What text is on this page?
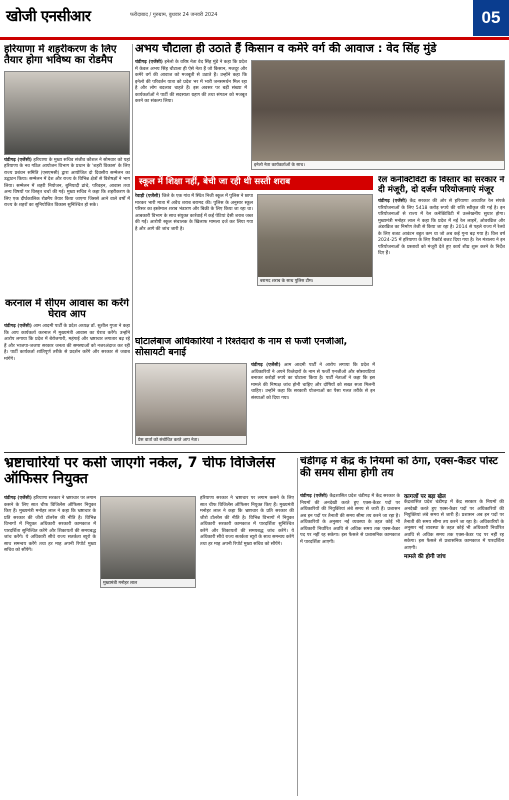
खोजी एनसीआर	फरीदाबाद / गुरुग्राम, बुधवार 24 जनवरी 2024	05
हरियाणा में शहरीकरण के लिए तैयार होगा भविष्य का रोडमैप
चंडीगढ़ (एजेंसी) हरियाणा के मुख्य सचिव संजीव कौशल ने सोमवार को यहां हरियाणा के नव गठित आयोजन विभाग के प्रधान के 'शहरी विकास' के लिए राज्य प्रबंधन समिति (एसएमसी) द्वारा आयोजित दो दिवसीय सम्मेलन का उद्घाटन किया। सम्मेलन में देश और राज्य के विभिन्न क्षेत्रों से विशेषज्ञों ने भाग लिया। सम्मेलन में शहरी नियोजन, बुनियादी ढांचे, परिवहन, आवास तथा अन्य विषयों पर विस्तृत चर्चा की गई। मुख्य सचिव ने कहा कि शहरीकरण के लिए एक दीर्घकालिक रोडमैप तैयार किया जाएगा जिससे आने वाले वर्षों में राज्य के शहरों का सुनियोजित विकास सुनिश्चित हो सके।
करनाल में सीएम आवास का करेंगे घेराव आप
चंडीगढ़ (एजेंसी) आम आदमी पार्टी के प्रदेश अध्यक्ष डॉ. सुशील गुप्ता ने कहा कि आप कार्यकर्ता करनाल में मुख्यमंत्री आवास का घेराव करेंगे। उन्होंने आरोप लगाया कि प्रदेश में बेरोजगारी, महंगाई और भ्रष्टाचार लगातार बढ़ रहे हैं और भाजपा-जजपा सरकार जनता की समस्याओं को नजरअंदाज कर रही है। पार्टी कार्यकर्ता शांतिपूर्ण तरीके से प्रदर्शन करेंगे और सरकार से जवाब मांगेंगे।
अभय चौटाला ही उठाते हैं किसान व कमेरे वर्ग की आवाज : वेद सिंह मुंडे
चंडीगढ़ (एजेंसी) इनेलो के वरिष्ठ नेता वेद सिंह मुंडे ने कहा कि प्रदेश में केवल अभय सिंह चौटाला ही ऐसे नेता हैं जो किसान, मजदूर और कमेरे वर्ग की आवाज को मजबूती से उठाते हैं। उन्होंने कहा कि इनेलो की परिवर्तन यात्रा को प्रदेश भर में भारी जनसमर्थन मिल रहा है और लोग बदलाव चाहते हैं। इस अवसर पर बड़ी संख्या में कार्यकर्ताओं ने पार्टी की सदस्यता ग्रहण की तथा संगठन को मजबूत करने का संकल्प लिया।
इनेलो नेता कार्यकर्ताओं के साथ।
स्कूल में शिक्षा नहीं, बेची जा रही थी सस्ती शराब
रेवाड़ी (एजेंसी) जिले के एक गांव में स्थित निजी स्कूल में पुलिस ने छापा मारकर भारी मात्रा में अवैध शराब बरामद की। पुलिस के अनुसार स्कूल परिसर का इस्तेमाल शराब भंडारण और बिक्री के लिए किया जा रहा था। आबकारी विभाग के साथ संयुक्त कार्रवाई में कई पेटियां देसी शराब जब्त की गईं। आरोपी स्कूल संचालक के खिलाफ मामला दर्ज कर लिया गया है और आगे की जांच जारी है।
बरामद शराब के साथ पुलिस टीम।
रेल कनेक्टिविटी के विस्तार को सरकार ने दी मंजूरी, दो दर्जन परियोजनाएं मंजूर
चंडीगढ़ (एजेंसी) केंद्र सरकार की ओर से हरियाणा आधारित रेल संपर्क परियोजनाओं के लिए 5418 करोड़ रुपये की राशि स्वीकृत की गई है। इन परियोजनाओं से राज्य में रेल कनेक्टिविटी में उल्लेखनीय सुधार होगा। मुख्यमंत्री मनोहर लाल ने कहा कि प्रदेश में नई रेल लाइनें, ओवरब्रिज और अंडरब्रिज का निर्माण तेजी से किया जा रहा है। 2014 से पहले राज्य में रेलवे के लिए बजट आवंटन बहुत कम था जो अब कई गुना बढ़ गया है। वित्त वर्ष 2024-25 में हरियाणा के लिए रिकॉर्ड बजट दिया गया है। रेल मंत्रालय ने इन परियोजनाओं के प्रस्तावों को मंजूरी देते हुए कार्य शीघ्र शुरू करने के निर्देश दिए हैं।
घोटालेबाज अधिकारियों ने रिश्तेदारों के नाम से फर्जी एनजीओ, सोसायटी बनाई
प्रेस वार्ता को संबोधित करते आप नेता।
चंडीगढ़ (एजेंसी) आम आदमी पार्टी ने आरोप लगाया कि प्रदेश में अधिकारियों ने अपने रिश्तेदारों के नाम से फर्जी एनजीओ और सोसायटियां बनाकर करोड़ों रुपये का घोटाला किया है। पार्टी नेताओं ने कहा कि इस मामले की निष्पक्ष जांच होनी चाहिए और दोषियों को सख्त सजा मिलनी चाहिए। उन्होंने कहा कि सरकारी योजनाओं का पैसा गलत तरीके से इन संस्थाओं को दिया गया।
भ्रष्टाचारियों पर कसी जाएगी नकेल, 7 चीफ विजिलेंस ऑफिसर नियुक्त
चंडीगढ़ (एजेंसी) हरियाणा सरकार ने भ्रष्टाचार पर लगाम कसने के लिए सात चीफ विजिलेंस ऑफिसर नियुक्त किए हैं। मुख्यमंत्री मनोहर लाल ने कहा कि भ्रष्टाचार के प्रति सरकार की जीरो टॉलरेंस की नीति है। विभिन्न विभागों में नियुक्त अधिकारी सरकारी कामकाज में पारदर्शिता सुनिश्चित करेंगे और शिकायतों की समयबद्ध जांच करेंगे। ये अधिकारी सीधे राज्य सतर्कता ब्यूरो के साथ समन्वय करेंगे तथा हर माह अपनी रिपोर्ट मुख्य सचिव को सौंपेंगे।
मुख्यमंत्री मनोहर लाल
हरियाणा सरकार ने भ्रष्टाचार पर लगाम कसने के लिए सात चीफ विजिलेंस ऑफिसर नियुक्त किए हैं। मुख्यमंत्री मनोहर लाल ने कहा कि भ्रष्टाचार के प्रति सरकार की जीरो टॉलरेंस की नीति है। विभिन्न विभागों में नियुक्त अधिकारी सरकारी कामकाज में पारदर्शिता सुनिश्चित करेंगे और शिकायतों की समयबद्ध जांच करेंगे। ये अधिकारी सीधे राज्य सतर्कता ब्यूरो के साथ समन्वय करेंगे तथा हर माह अपनी रिपोर्ट मुख्य सचिव को सौंपेंगे।
चंडीगढ़ में केंद्र के नियमों को ठेंगा, एक्स-कैडर पोस्ट की समय सीमा होगी तय
चंडीगढ़ (एजेंसी) केंद्रशासित प्रदेश चंडीगढ़ में केंद्र सरकार के नियमों की अनदेखी करते हुए एक्स-कैडर पदों पर अधिकारियों की नियुक्तियां लंबे समय से जारी हैं। प्रशासन अब इन पदों पर तैनाती की समय सीमा तय करने जा रहा है। अधिकारियों के अनुसार नई व्यवस्था के तहत कोई भी अधिकारी निर्धारित अवधि से अधिक समय तक एक्स-कैडर पद पर नहीं रह सकेगा। इस फैसले से प्रशासनिक कामकाज में पारदर्शिता आएगी।
कागजों पर बड़ा खेल
केंद्रशासित प्रदेश चंडीगढ़ में केंद्र सरकार के नियमों की अनदेखी करते हुए एक्स-कैडर पदों पर अधिकारियों की नियुक्तियां लंबे समय से जारी हैं। प्रशासन अब इन पदों पर तैनाती की समय सीमा तय करने जा रहा है। अधिकारियों के अनुसार नई व्यवस्था के तहत कोई भी अधिकारी निर्धारित अवधि से अधिक समय तक एक्स-कैडर पद पर नहीं रह सकेगा। इस फैसले से प्रशासनिक कामकाज में पारदर्शिता आएगी।
मामले की होगी जांच
